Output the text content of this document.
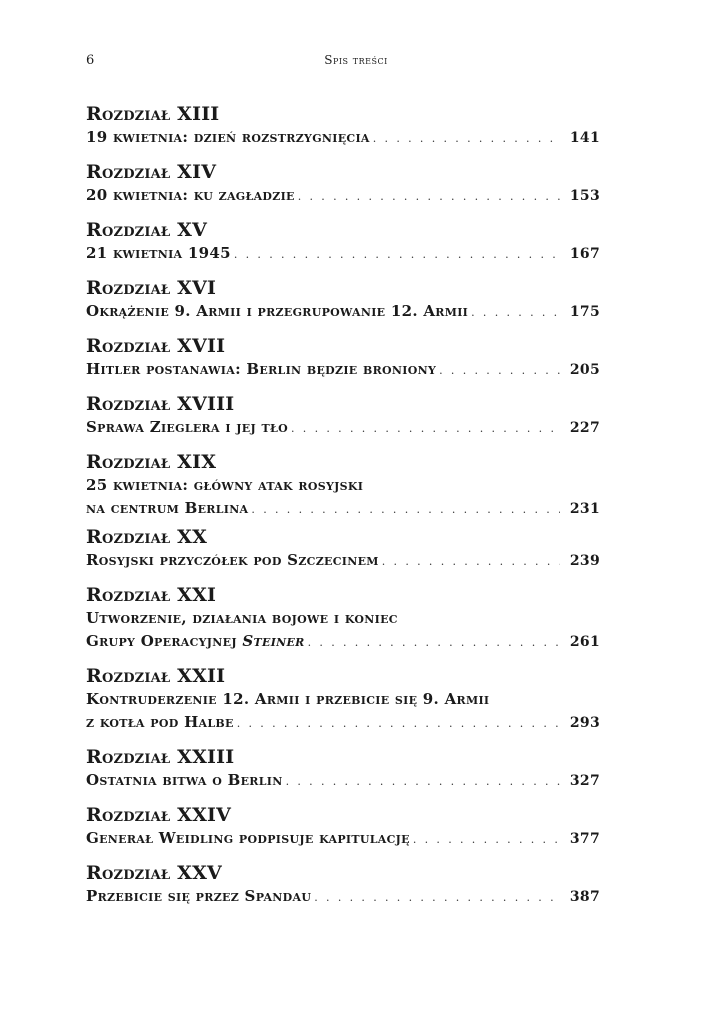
6	Spis treści
Rozdział XIII
19 kwietnia: dzień rozstrzygnięcia . . .	141
Rozdział XIV
20 kwietnia: ku zagładzie . . .	153
Rozdział XV
21 kwietnia 1945 . . .	167
Rozdział XVI
Okrążenie 9. Armii i przegrupowanie 12. Armii . . .	175
Rozdział XVII
Hitler postanawia: Berlin będzie broniony . . .	205
Rozdział XVIII
Sprawa Zieglera i jej tło . . .	227
Rozdział XIX
25 kwietnia: główny atak rosyjski
na centrum Berlina . . .	231
Rozdział XX
Rosyjski przyczółek pod Szczecinem . . .	239
Rozdział XXI
Utworzenie, działania bojowe i koniec
Grupy Operacyjnej
Steiner . . .	261
Rozdział XXII
Kontruderzenie 12. Armii i przebicie się 9. Armii
z kotła pod Halbe . . .	293
Rozdział XXIII
Ostatnia bitwa o Berlin . . .	327
Rozdział XXIV
Generał Weidling podpisuje kapitulację . . .	377
Rozdział XXV
Przebicie się przez Spandau . . .	387
